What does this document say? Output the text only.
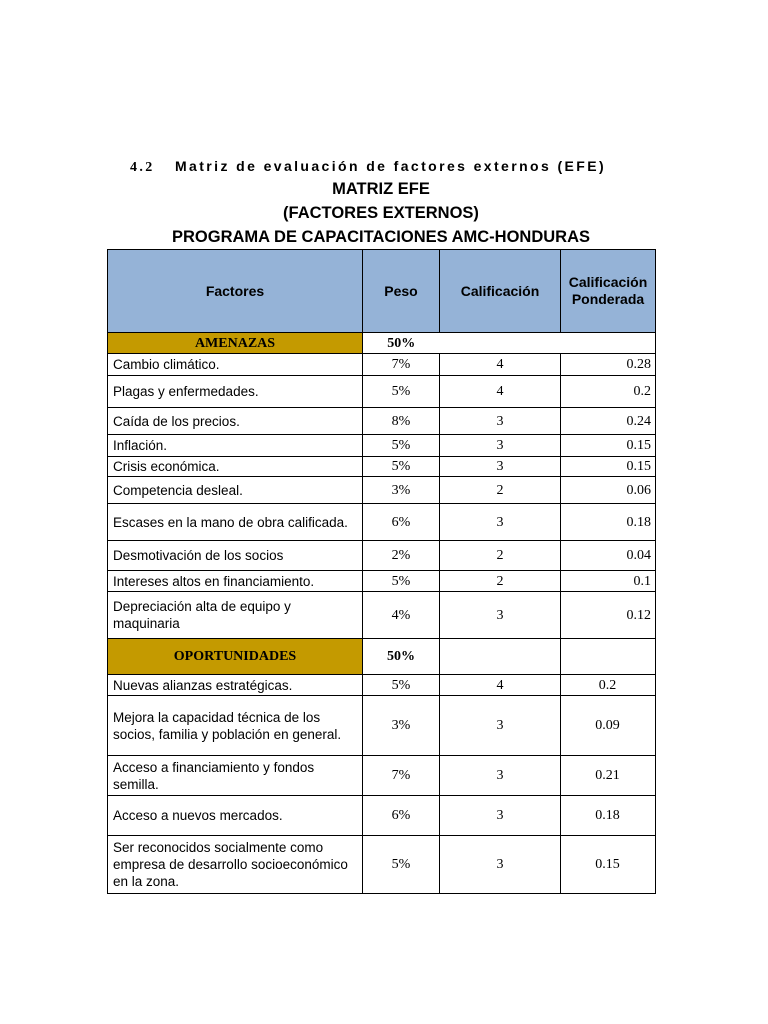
4.2 Matriz de evaluación de factores externos (EFE)
MATRIZ EFE
(FACTORES EXTERNOS)
PROGRAMA DE CAPACITACIONES AMC-HONDURAS
Factores	Peso	Calificación	Calificación Ponderada
AMENAZAS	50%		
Cambio climático.	7%	4	0.28
Plagas y enfermedades.	5%	4	0.2
Caída de los precios.	8%	3	0.24
Inflación.	5%	3	0.15
Crisis económica.	5%	3	0.15
Competencia desleal.	3%	2	0.06
Escases en la mano de obra calificada.	6%	3	0.18
Desmotivación de los socios	2%	2	0.04
Intereses altos en financiamiento.	5%	2	0.1
Depreciación alta de equipo y maquinaria	4%	3	0.12
OPORTUNIDADES	50%		
Nuevas alianzas estratégicas.	5%	4	0.2
Mejora la capacidad técnica de los socios, familia y población en general.	3%	3	0.09
Acceso a financiamiento y fondos semilla.	7%	3	0.21
Acceso a nuevos mercados.	6%	3	0.18
Ser reconocidos socialmente como empresa de desarrollo socioeconómico en la zona.	5%	3	0.15
